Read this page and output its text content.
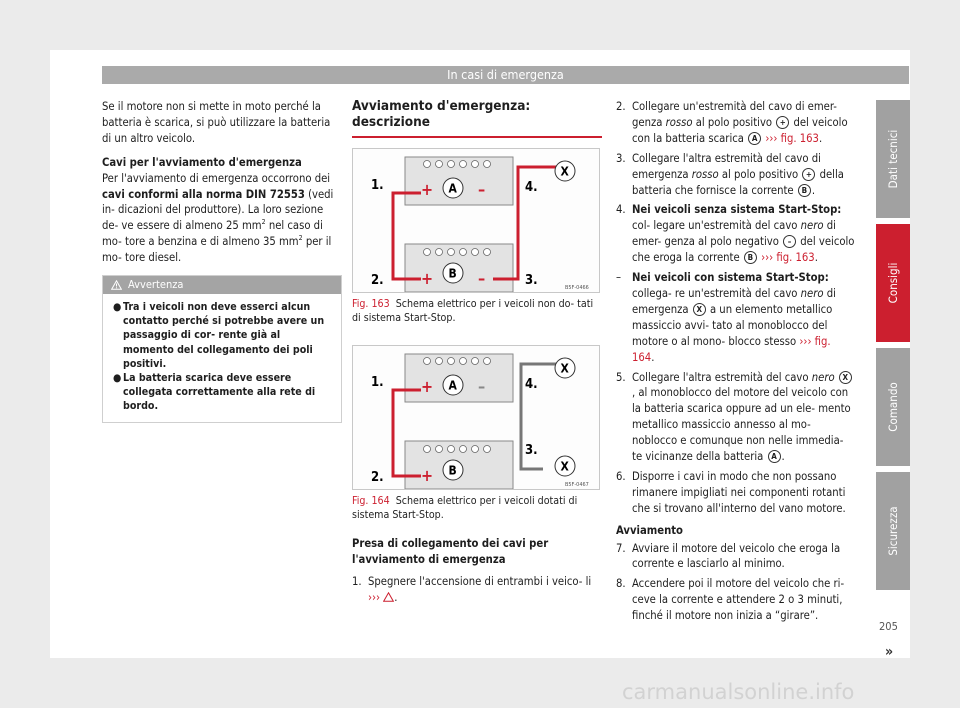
In casi di emergenza

Se il motore non si mette in moto perché la batteria è scarica, si può utilizzare la batteria di un altro veicolo.

Cavi per l'avviamento d'emergenza

Per l'avviamento di emergenza occorrono dei cavi conformi alla norma DIN 72553 (vedi in- dicazioni del produttore). La loro sezione de- ve essere di almeno 25 $mm^2$ nel caso di mo- tore a benzina e di almeno 35 $mm^2$ per il mo- tore diesel.

Avvertenza
● Tra i veicoli non deve esserci alcun contatto perché si potrebbe avere un passaggio di cor- rente già al momento del collegamento dei poli positivi.
● La batteria scarica deve essere collegata correttamente alla rete di bordo.
Avviamento d'emergenza: descrizione
+	–
A
+	–
B
X
1.
2.	3.
4.
B5F-0466

Fig. 163 Schema elettrico per i veicoli non do- tati di sistema Start-Stop.

+	–
A
+ B
X
X
1.
2.
3.
4.
B5F-0467

Fig. 164 Schema elettrico per i veicoli dotati di sistema Start-Stop.

Presa di collegamento dei cavi per l'avviamento di emergenza

1. Spegnere l'accensione di entrambi i veico- li ››› .
2. Collegare un'estremità del cavo di emer- genza rosso al polo positivo + del veicolo con la batteria scarica A ››› fig. 163.
3. Collegare l'altra estremità del cavo di emergenza rosso al polo positivo + della batteria che fornisce la corrente B .
4. Nei veicoli senza sistema Start-Stop: col- legare un'estremità del cavo nero di emer- genza al polo negativo – del veicolo che eroga la corrente B ››› fig. 163.
– Nei veicoli con sistema Start-Stop: collega- re un'estremità del cavo nero di emergenza X a un elemento metallico massiccio avvi- tato al monoblocco del motore o al mono- blocco stesso ››› fig. 164.
5. Collegare l'altra estremità del cavo nero X, al monoblocco del motore del veicolo con la batteria scarica oppure ad un ele- mento metallico massiccio annesso al mo- noblocco e comunque non nelle immedia- te vicinanze della batteria A .
6. Disporre i cavi in modo che non possano rimanere impigliati nei componenti rotanti che si trovano all'interno del vano motore.
Avviamento
7. Avviare il motore del veicolo che eroga la corrente e lasciarlo al minimo.
8. Accendere poi il motore del veicolo che ri- ceve la corrente e attendere 2 o 3 minuti, finché il motore non inizia a “girare”.
»
Dati tecnici
Consigli
Comando
Sicurezza
205
carmanualsonline.info
